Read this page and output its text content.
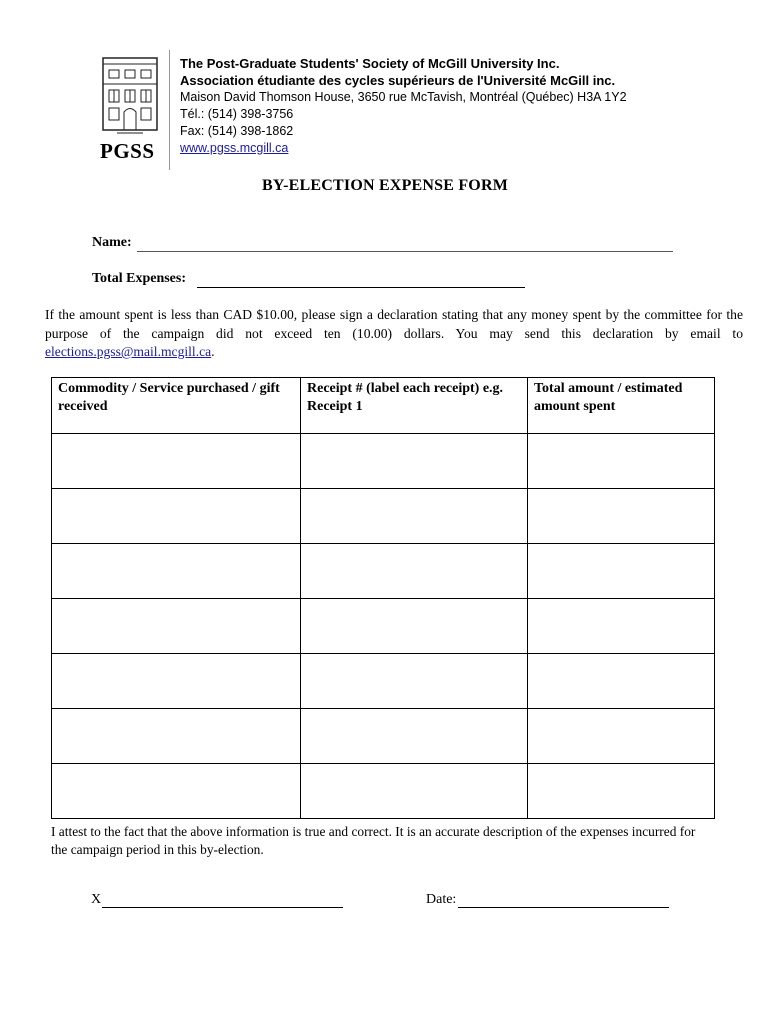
PGSS
The Post-Graduate Students' Society of McGill University Inc.
Association étudiante des cycles supérieurs de l'Université McGill inc.
Maison David Thomson House, 3650 rue McTavish, Montréal (Québec) H3A 1Y2
Tél.: (514) 398-3756
Fax: (514) 398-1862
www.pgss.mcgill.ca
BY-ELECTION EXPENSE FORM
Name:
Total Expenses:
If the amount spent is less than CAD $10.00, please sign a declaration stating that any money spent by the committee for the purpose of the campaign did not exceed ten (10.00) dollars. You may send this declaration by email to elections.pgss@mail.mcgill.ca.
Commodity / Service purchased / gift received	Receipt # (label each receipt) e.g. Receipt 1	Total amount / estimated amount spent

I attest to the fact that the above information is true and correct. It is an accurate description of the expenses incurred for the campaign period in this by-election.
X	Date:
